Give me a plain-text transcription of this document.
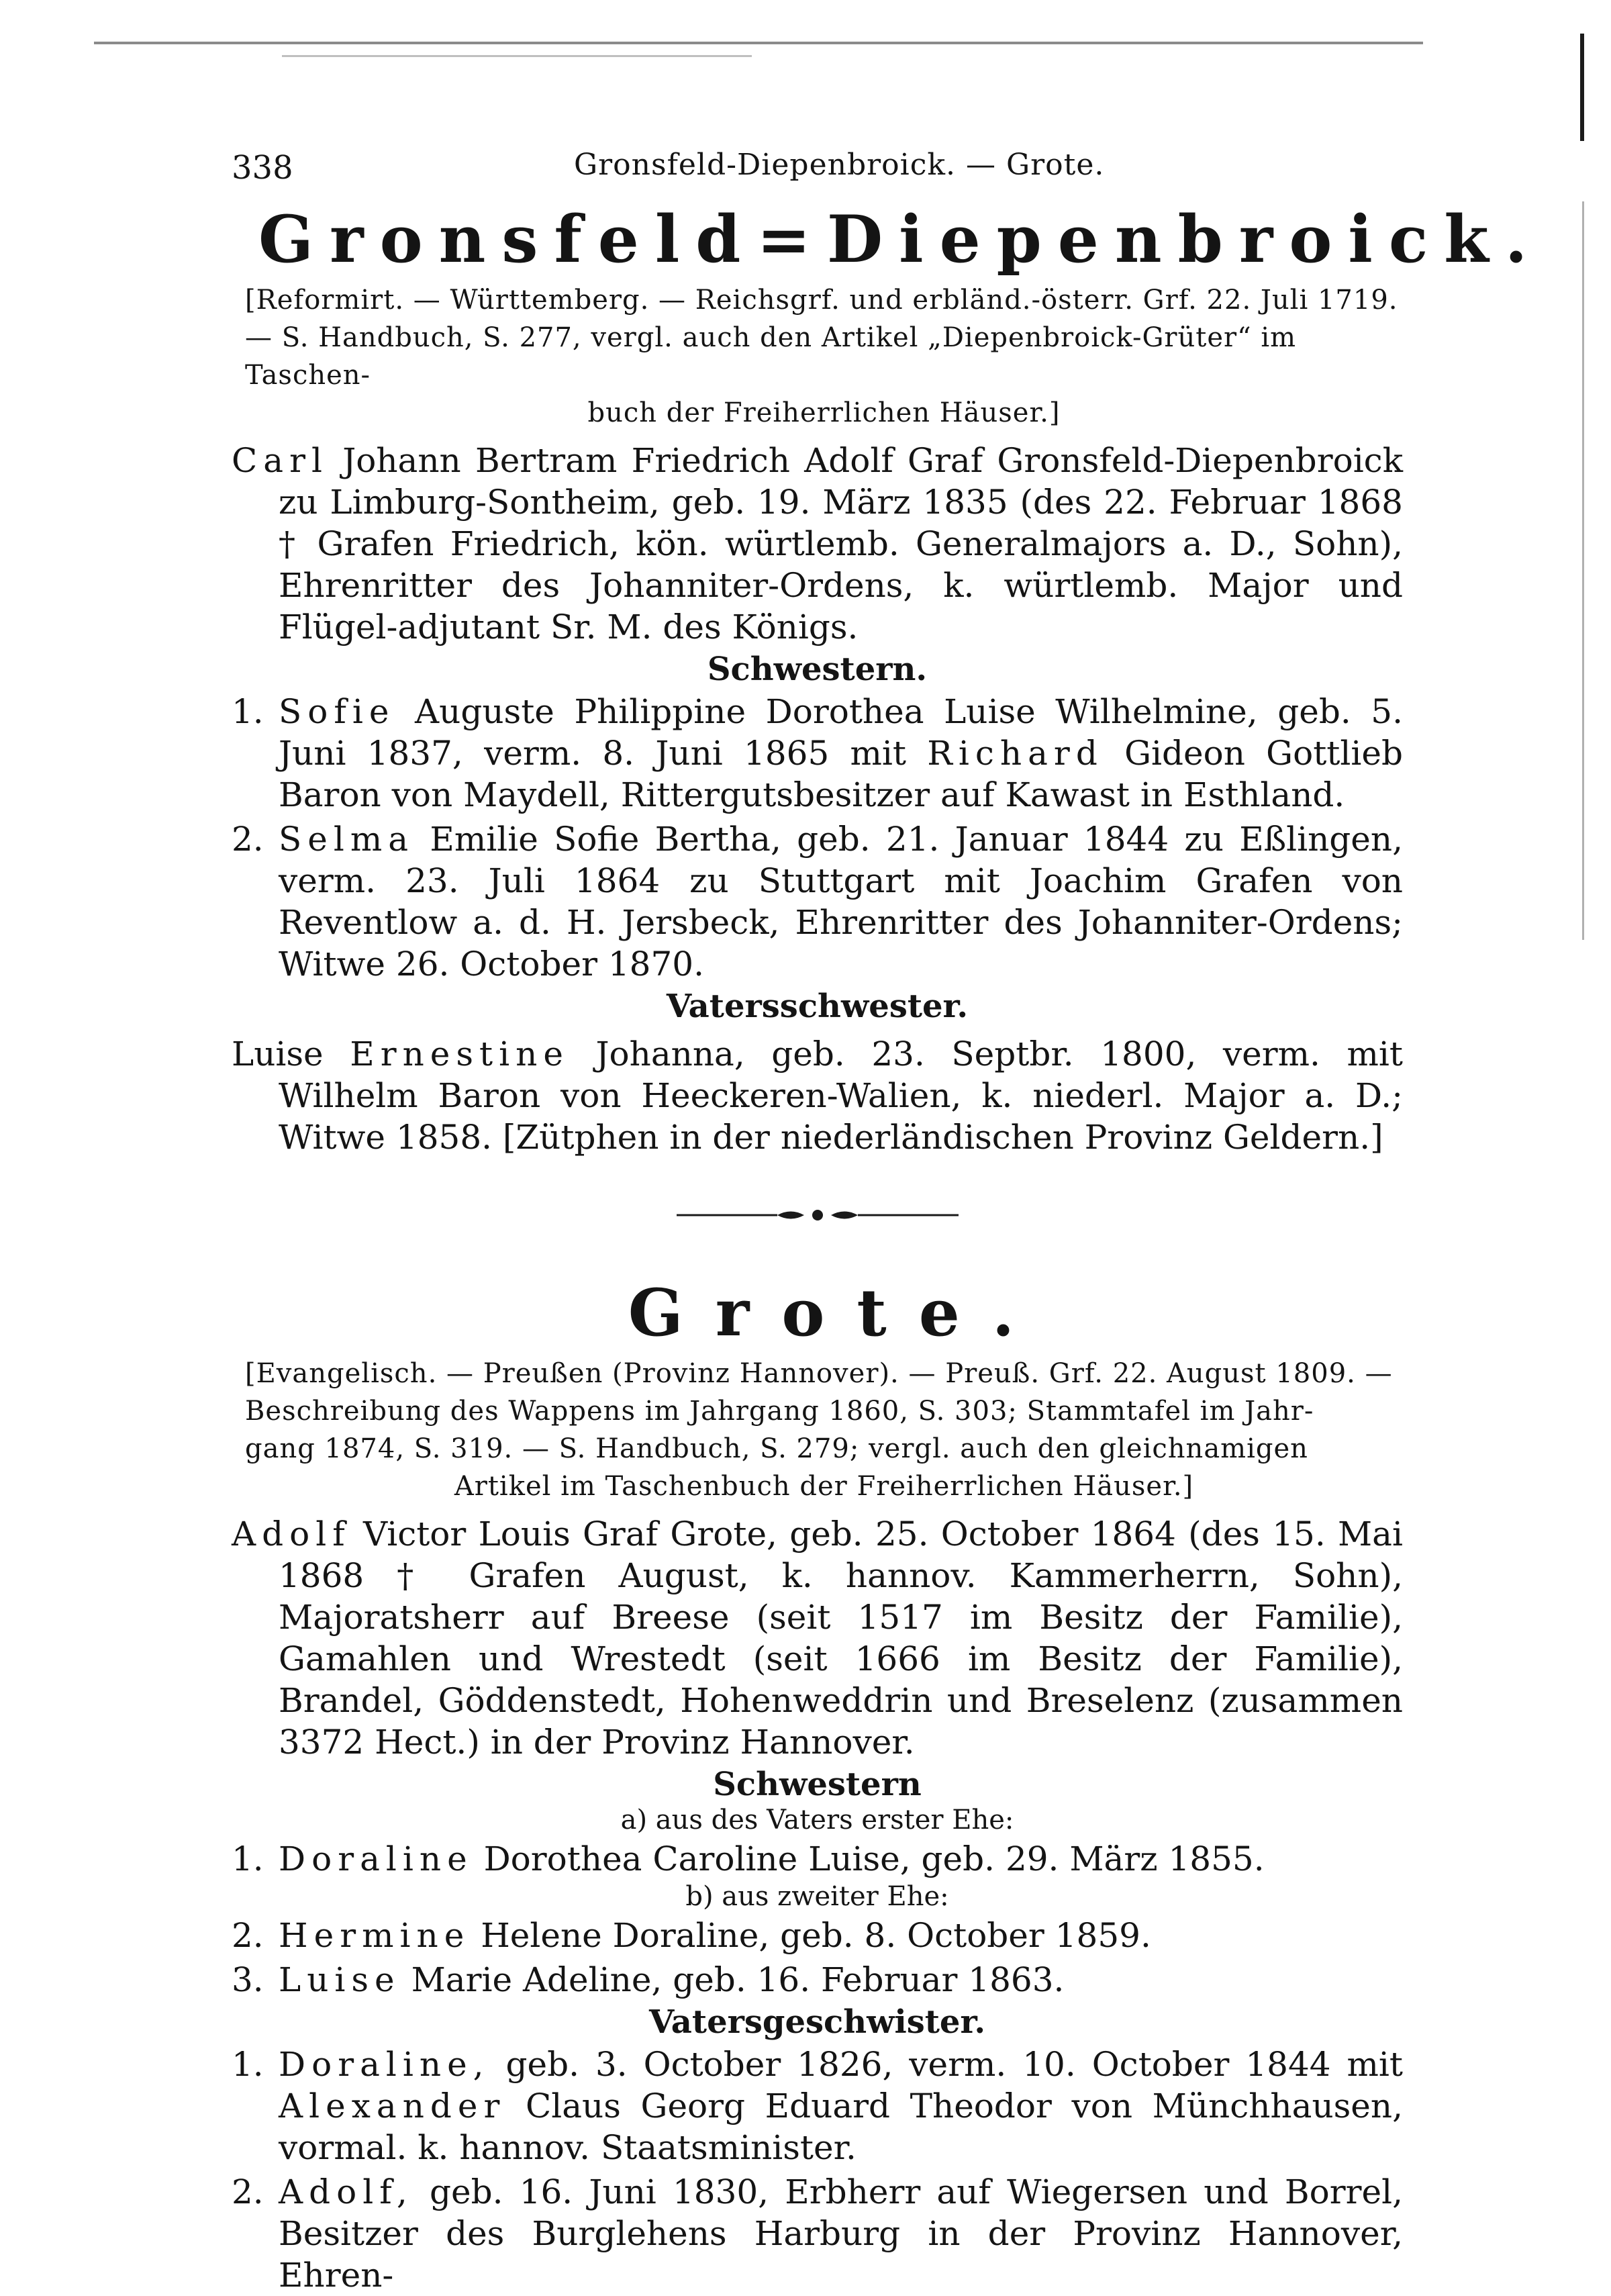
338	Gronsfeld-Diepenbroick. — Grote.
Gronsfeld=Diepenbroick.
[Reformirt. — Württemberg. — Reichsgrf. und erbländ.-österr. Grf. 22. Juli 1719.
— S. Handbuch, S. 277, vergl. auch den Artikel „Diepenbroick-Grüter“ im Taschen-
buch der Freiherrlichen Häuser.]
Carl Johann Bertram Friedrich Adolf Graf Gronsfeld-Diepenbroick zu Limburg-Sontheim, geb. 19. März 1835 (des 22. Februar 1868 † Grafen Friedrich, kön. würtlemb. Generalmajors a. D., Sohn), Ehrenritter des Johanniter-Ordens, k. würtlemb. Major und Flügel-adjutant Sr. M. des Königs.
Schwestern.
1. Sofie Auguste Philippine Dorothea Luise Wilhelmine, geb. 5. Juni 1837, verm. 8. Juni 1865 mit Richard Gideon Gottlieb Baron von Maydell, Rittergutsbesitzer auf Kawast in Esthland.
2. Selma Emilie Sofie Bertha, geb. 21. Januar 1844 zu Eßlingen, verm. 23. Juli 1864 zu Stuttgart mit Joachim Grafen von Reventlow a. d. H. Jersbeck, Ehrenritter des Johanniter-Ordens; Witwe 26. October 1870.
Vatersschwester.
Luise Ernestine Johanna, geb. 23. Septbr. 1800, verm. mit Wilhelm Baron von Heeckeren-Walien, k. niederl. Major a. D.; Witwe 1858. [Zütphen in der niederländischen Provinz Geldern.]
Grote.
[Evangelisch. — Preußen (Provinz Hannover). — Preuß. Grf. 22. August 1809. —
Beschreibung des Wappens im Jahrgang 1860, S. 303; Stammtafel im Jahr-
gang 1874, S. 319. — S. Handbuch, S. 279; vergl. auch den gleichnamigen
Artikel im Taschenbuch der Freiherrlichen Häuser.]
Adolf Victor Louis Graf Grote, geb. 25. October 1864 (des 15. Mai 1868 † Grafen August, k. hannov. Kammerherrn, Sohn), Majoratsherr auf Breese (seit 1517 im Besitz der Familie), Gamahlen und Wrestedt (seit 1666 im Besitz der Familie), Brandel, Göddenstedt, Hohenweddrin und Breselenz (zusammen 3372 Hect.) in der Provinz Hannover.
Schwestern
a) aus des Vaters erster Ehe:
1. Doraline Dorothea Caroline Luise, geb. 29. März 1855.
b) aus zweiter Ehe:
2. Hermine Helene Doraline, geb. 8. October 1859.
3. Luise Marie Adeline, geb. 16. Februar 1863.
Vatersgeschwister.
1. Doraline, geb. 3. October 1826, verm. 10. October 1844 mit Alexander Claus Georg Eduard Theodor von Münchhausen, vormal. k. hannov. Staatsminister.
2. Adolf, geb. 16. Juni 1830, Erbherr auf Wiegersen und Borrel, Besitzer des Burglehens Harburg in der Provinz Hannover, Ehren-
